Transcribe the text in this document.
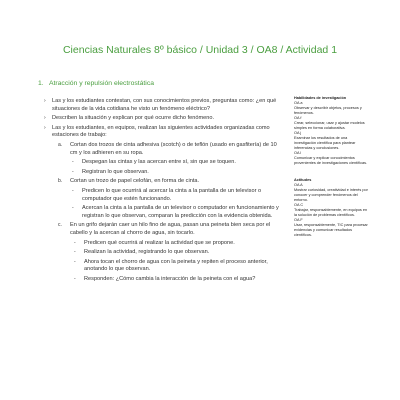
Ciencias Naturales 8º básico / Unidad 3 / OA8 / Actividad 1
1. Atracción y repulsión electrostática
› Las y los estudiantes contestan, con sus conocimientos previos, preguntas como: ¿en qué situaciones de la vida cotidiana he visto un fenómeno eléctrico?
› Describen la situación y explican por qué ocurre dicho fenómeno.
› Las y los estudiantes, en equipos, realizan las siguientes actividades organizadas como estaciones de trabajo:
a. Cortan dos trozos de cinta adhesiva (scotch) o de teflón (usado en gasfitería) de 10 cm y los adhieren en su ropa.
- Despegan las cintas y las acercan entre sí, sin que se toquen.
- Registran lo que observan.
b. Cortan un trozo de papel celofán, en forma de cinta.
- Predicen lo que ocurrirá al acercar la cinta a la pantalla de un televisor o computador que estén funcionando.
- Acercan la cinta a la pantalla de un televisor o computador en funcionamiento y registran lo que observan, comparan la predicción con la evidencia obtenida.
c. En un grifo dejarán caer un hilo fino de agua, pasan una peineta bien seca por el cabello y la acercan al chorro de agua, sin tocarlo.
- Predicen qué ocurrirá al realizar la actividad que se propone.
- Realizan la actividad, registrando lo que observan.
- Ahora tocan el chorro de agua con la peineta y repiten el proceso anterior, anotando lo que observan.
- Responden: ¿Cómo cambia la interacción de la peineta con el agua?
Habilidades de investigación
OA a
Observar y describir objetos, procesos y fenómenos.
OA f
Crear, seleccionar, usar y ajustar modelos simples en forma colaborativa.
OA j
Examinar los resultados de una investigación científica para plantear inferencias y conclusiones.
OA l
Comunicar y explicar conocimientos provenientes de investigaciones científicas.
Actitudes
OA A
Mostrar curiosidad, creatividad e interés por conocer y comprender fenómenos del entorno.
OA C
Trabajar, responsablemente, en equipos en la solución de problemas científicos.
OA F
Usar, responsablemente, TIC para procesar evidencias y comunicar resultados científicos.
